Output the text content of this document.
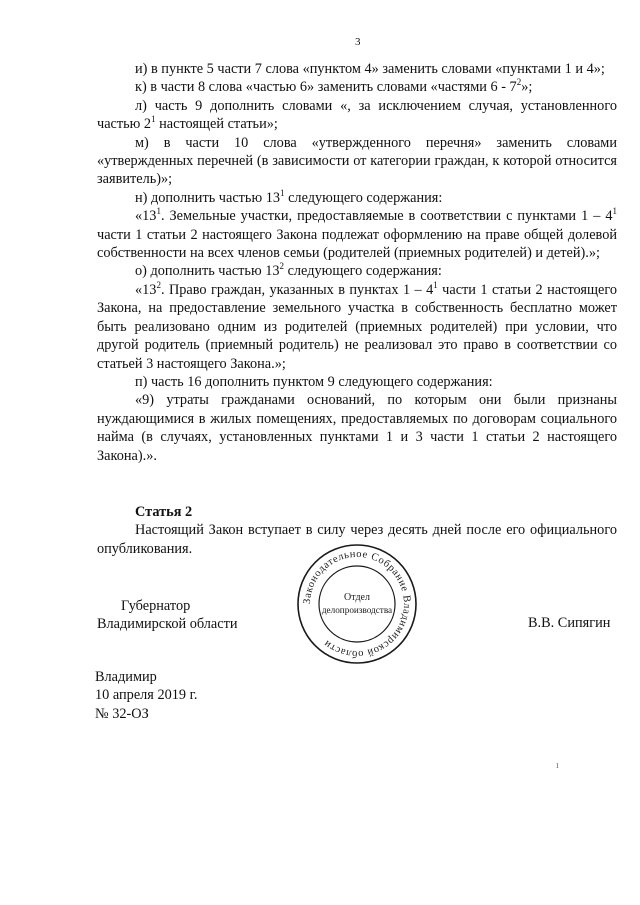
3

и) в пункте 5 части 7 слова «пунктом 4» заменить словами «пунктами 1 и 4»;

к) в части 8 слова «частью 6» заменить словами «частями $6 - 7^2$»;

л) часть 9 дополнить словами «, за исключением случая, установленного частью $2^1$ настоящей статьи»;

м) в части 10 слова «утвержденного перечня» заменить словами «утвержденных перечней (в зависимости от категории граждан, к которой относится заявитель)»;

н) дополнить частью $13^1$ следующего содержания:

«$13^1$. Земельные участки, предоставляемые в соответствии с пунктами $1 - 4^1$ части 1 статьи 2 настоящего Закона подлежат оформлению на праве общей долевой собственности на всех членов семьи (родителей (приемных родителей) и детей).»;

о) дополнить частью $13^2$ следующего содержания:

«$13^2$. Право граждан, указанных в пунктах $1 - 4^1$ части 1 статьи 2 настоящего Закона, на предоставление земельного участка в собственность бесплатно может быть реализовано одним из родителей (приемных родителей) при условии, что другой родитель (приемный родитель) не реализовал это право в соответствии со статьей 3 настоящего Закона.»;

п) часть 16 дополнить пунктом 9 следующего содержания:

«9) утраты гражданами оснований, по которым они были признаны нуждающимися в жилых помещениях, предоставляемых по договорам социального найма (в случаях, установленных пунктами 1 и 3 части 1 статьи 2 настоящего Закона).».

Статья 2

Настоящий Закон вступает в силу через десять дней после его официального опубликования.

Губернатор
Владимирской области
Законодательное Собрание Владимирской области
Отдел
делопроизводства
В.В. Сипягин
Владимир
10 апреля 2019 г.
№ 32-ОЗ
ı
